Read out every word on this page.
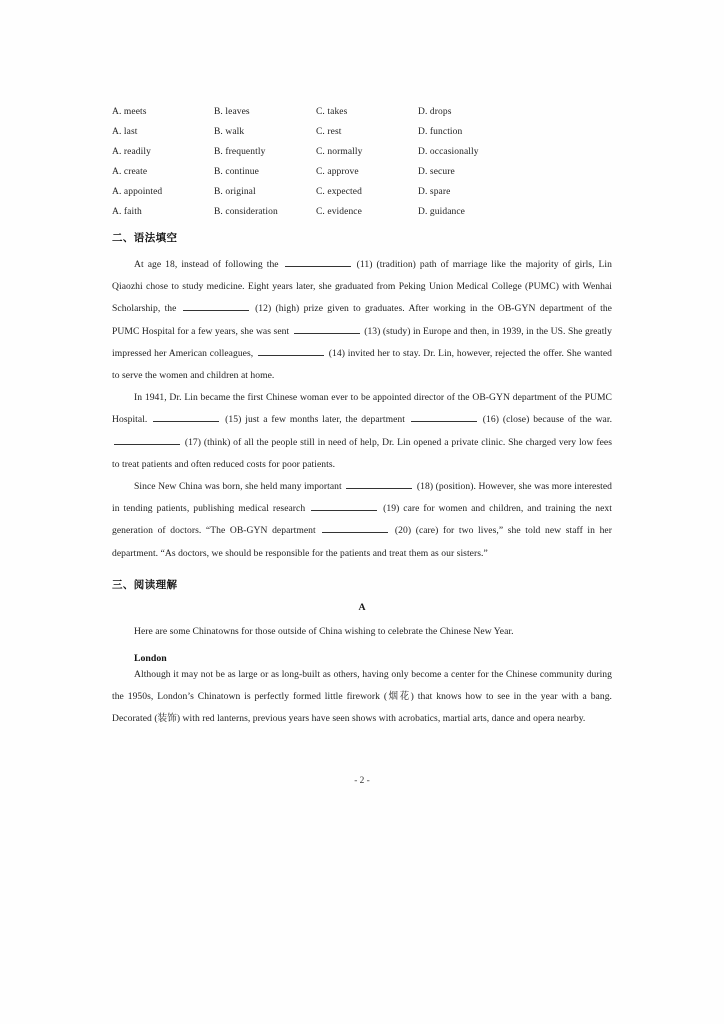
A. meets	B. leaves	C. takes	D. drops
A. last	B. walk	C. rest	D. function
A. readily	B. frequently	C. normally	D. occasionally
A. create	B. continue	C. approve	D. secure
A. appointed	B. original	C. expected	D. spare
A. faith	B. consideration	C. evidence	D. guidance
二、语法填空

At age 18, instead of following the	(11) (tradition) path of marriage like the majority of girls, Lin Qiaozhi chose to study medicine. Eight years later, she graduated from Peking Union Medical College (PUMC) with Wenhai Scholarship, the	(12) (high) prize given to graduates. After working in the OB-GYN department of the PUMC Hospital for a few years, she was sent	(13) (study) in Europe and then, in 1939, in the US. She greatly impressed her American colleagues,	(14) invited her to stay. Dr. Lin, however, rejected the offer. She wanted to serve the women and children at home.

In 1941, Dr. Lin became the first Chinese woman ever to be appointed director of the OB-GYN department of the PUMC Hospital.	(15) just a few months later, the department	(16) (close) because of the war.  (17) (think) of all the people still in need of help, Dr. Lin opened a private clinic. She charged very low fees to treat patients and often reduced costs for poor patients.

Since New China was born, she held many important	(18) (position). However, she was more interested in tending patients, publishing medical research	(19) care for women and children, and training the next generation of doctors. “The OB-GYN department	(20) (care) for two lives,” she told new staff in her department. “As doctors, we should be responsible for the patients and treat them as our sisters.”

三、阅读理解
A

Here are some Chinatowns for those outside of China wishing to celebrate the Chinese New Year.

London

Although it may not be as large or as long-built as others, having only become a center for the Chinese community during the 1950s, London’s Chinatown is perfectly formed little firework (烟花) that knows how to see in the year with a bang. Decorated (装饰) with red lanterns, previous years have seen shows with acrobatics, martial arts, dance and opera nearby.

- 2 -
